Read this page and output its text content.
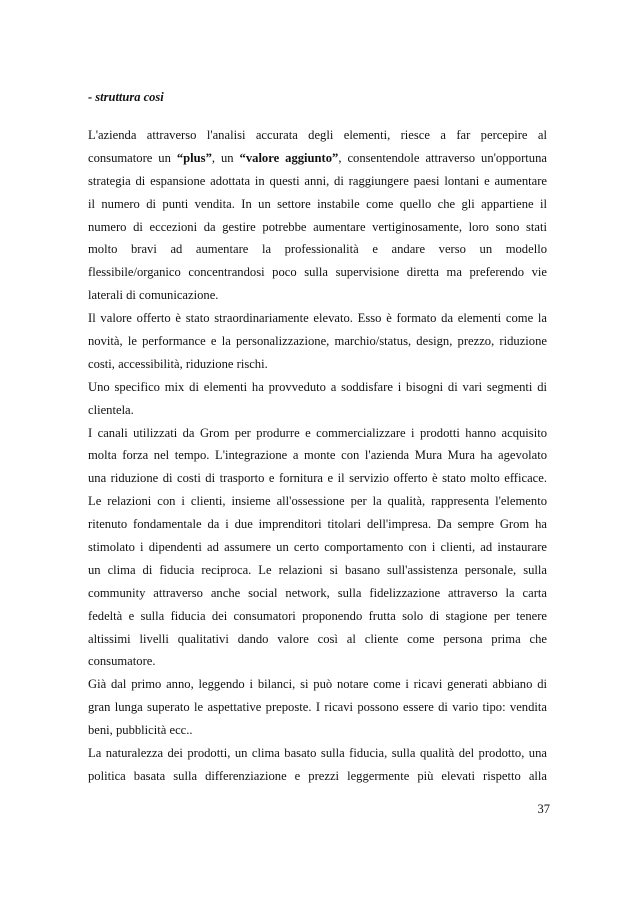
- struttura cosi
L'azienda attraverso l'analisi accurata degli elementi, riesce a far percepire al
consumatore un “plus”, un “valore aggiunto”, consentendole attraverso un'opportuna
strategia di espansione adottata in questi anni, di raggiungere paesi lontani e aumentare
il numero di punti vendita. In un settore instabile come quello che gli appartiene il
numero di eccezioni da gestire potrebbe aumentare vertiginosamente, loro sono stati
molto bravi ad aumentare la professionalità e andare verso un modello
flessibile/organico concentrandosi poco sulla supervisione diretta ma preferendo vie
laterali di comunicazione.
Il valore offerto è stato straordinariamente elevato. Esso è formato da elementi come la
novità, le performance e la personalizzazione, marchio/status, design, prezzo, riduzione
costi, accessibilità, riduzione rischi.
Uno specifico mix di elementi ha provveduto a soddisfare i bisogni di vari segmenti di
clientela.
I canali utilizzati da Grom per produrre e commercializzare i prodotti hanno acquisito
molta forza nel tempo. L'integrazione a monte con l'azienda Mura Mura ha agevolato
una riduzione di costi di trasporto e fornitura e il servizio offerto è stato molto efficace.
Le relazioni con i clienti, insieme all'ossessione per la qualità, rappresenta l'elemento
ritenuto fondamentale da i due imprenditori titolari dell'impresa. Da sempre Grom ha
stimolato i dipendenti ad assumere un certo comportamento con i clienti, ad instaurare
un clima di fiducia reciproca. Le relazioni si basano sull'assistenza personale, sulla
community attraverso anche social network, sulla fidelizzazione attraverso la carta
fedeltà e sulla fiducia dei consumatori proponendo frutta solo di stagione per tenere
altissimi livelli qualitativi dando valore così al cliente come persona prima che
consumatore.
Già dal primo anno, leggendo i bilanci, si può notare come i ricavi generati abbiano di
gran lunga superato le aspettative preposte. I ricavi possono essere di vario tipo: vendita
beni, pubblicità ecc..
La naturalezza dei prodotti, un clima basato sulla fiducia, sulla qualità del prodotto, una
politica basata sulla differenziazione e prezzi leggermente più elevati rispetto alla
37
